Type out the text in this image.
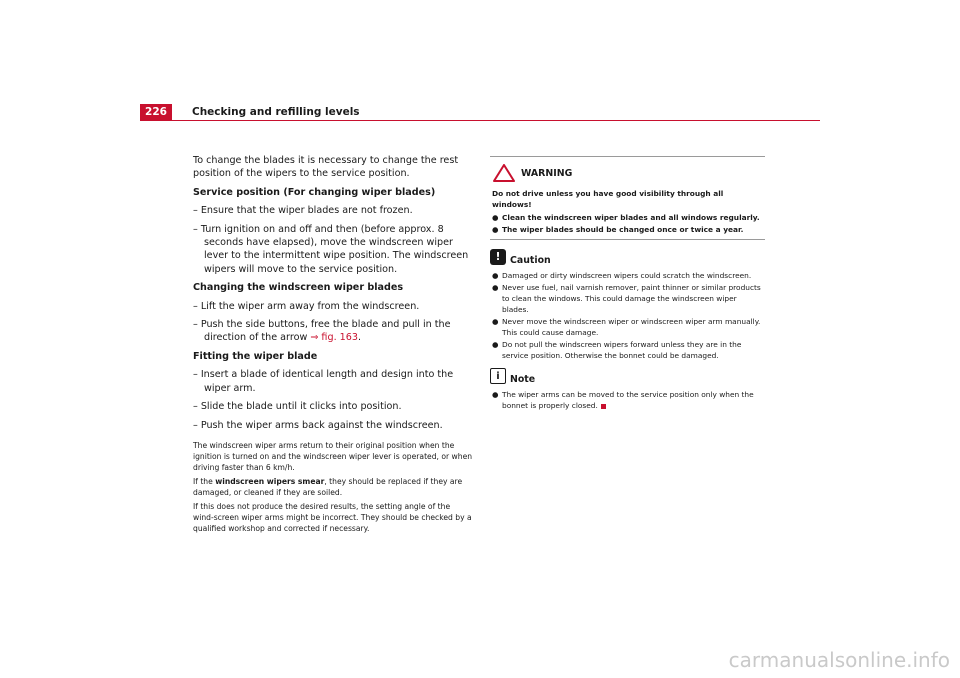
226	Checking and refilling levels

To change the blades it is necessary to change the rest position of the wipers to the service position.

Service position (For changing wiper blades)

– Ensure that the wiper blades are not frozen.

– Turn ignition on and off and then (before approx. 8 seconds have elapsed), move the windscreen wiper lever to the intermittent wipe position. The windscreen wipers will move to the service position.

Changing the windscreen wiper blades

– Lift the wiper arm away from the windscreen.

– Push the side buttons, free the blade and pull in the direction of the arrow ⇒ fig. 163.

Fitting the wiper blade

– Insert a blade of identical length and design into the wiper arm.

– Slide the blade until it clicks into position.

– Push the wiper arms back against the windscreen.

The windscreen wiper arms return to their original position when the ignition is turned on and the windscreen wiper lever is operated, or when driving faster than 6 km/h.

If the windscreen wipers smear, they should be replaced if they are damaged, or cleaned if they are soiled.

If this does not produce the desired results, the setting angle of the wind-screen wiper arms might be incorrect. They should be checked by a qualified workshop and corrected if necessary.

WARNING
Do not drive unless you have good visibility through all windows!
● Clean the windscreen wiper blades and all windows regularly.
● The wiper blades should be changed once or twice a year.
!	Caution
● Damaged or dirty windscreen wipers could scratch the windscreen.
● Never use fuel, nail varnish remover, paint thinner or similar products to clean the windows. This could damage the windscreen wiper blades.
● Never move the windscreen wiper or windscreen wiper arm manually. This could cause damage.
● Do not pull the windscreen wipers forward unless they are in the service position. Otherwise the bonnet could be damaged.
i	Note
● The wiper arms can be moved to the service position only when the bonnet is properly closed.
carmanualsonline.info
